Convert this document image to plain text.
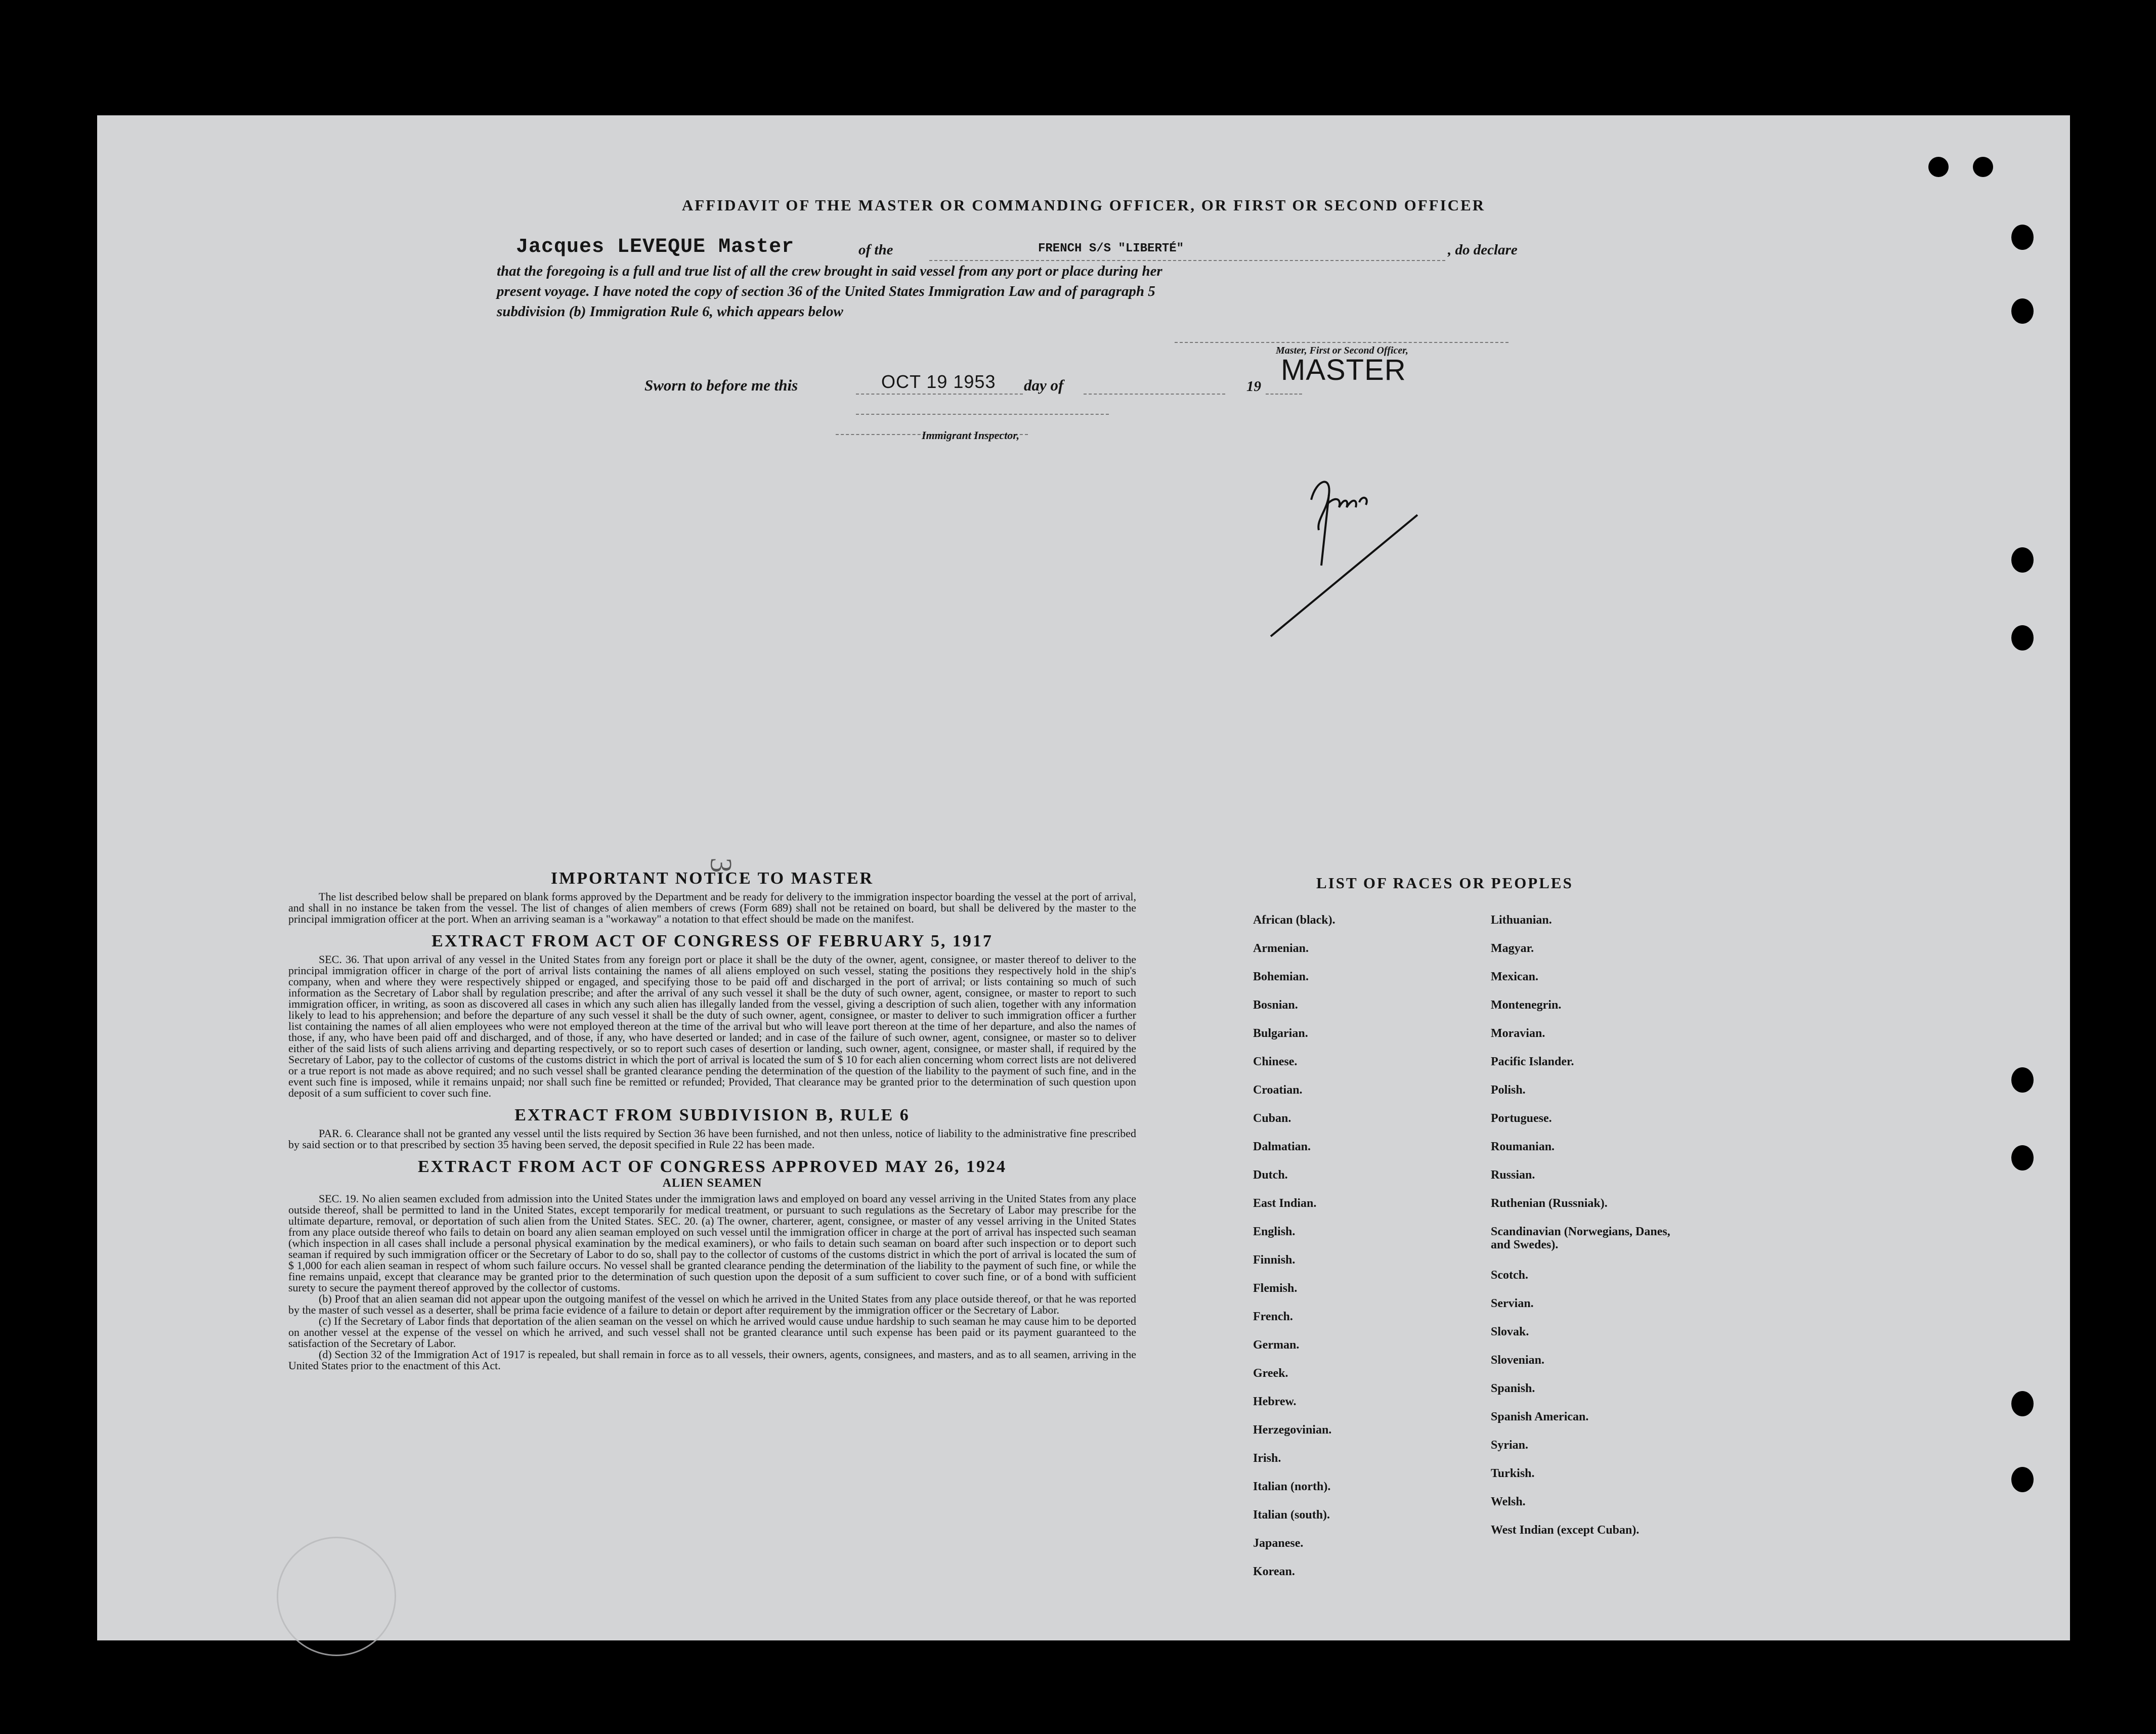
AFFIDAVIT OF THE MASTER OR COMMANDING OFFICER, OR FIRST OR SECOND OFFICER
Jacques LEVEQUE Master	of the	FRENCH S/S "LIBERTÉ"	, do declare
that the foregoing is a full and true list of all the crew brought in said vessel from any port or place during her
present voyage. I have noted the copy of section 36 of the United States Immigration Law and of paragraph 5
subdivision (b) Immigration Rule 6, which appears below
Master, First or Second Officer,
MASTER
Sworn to before me this	OCT 19 1953 day of	19
Immigrant Inspector,
3
IMPORTANT NOTICE TO MASTER

The list described below shall be prepared on blank forms approved by the Department and be ready for delivery to the immigration inspector boarding the vessel at the port of arrival, and shall in no instance be taken from the vessel. The list of changes of alien members of crews (Form 689) shall not be retained on board, but shall be delivered by the master to the principal immigration officer at the port. When an arriving seaman is a "workaway" a notation to that effect should be made on the manifest.

EXTRACT FROM ACT OF CONGRESS OF FEBRUARY 5, 1917

SEC. 36. That upon arrival of any vessel in the United States from any foreign port or place it shall be the duty of the owner, agent, consignee, or master thereof to deliver to the principal immigration officer in charge of the port of arrival lists containing the names of all aliens employed on such vessel, stating the positions they respectively hold in the ship's company, when and where they were respectively shipped or engaged, and specifying those to be paid off and discharged in the port of arrival; or lists containing so much of such information as the Secretary of Labor shall by regulation prescribe; and after the arrival of any such vessel it shall be the duty of such owner, agent, consignee, or master to report to such immigration officer, in writing, as soon as discovered all cases in which any such alien has illegally landed from the vessel, giving a description of such alien, together with any information likely to lead to his apprehension; and before the departure of any such vessel it shall be the duty of such owner, agent, consignee, or master to deliver to such immigration officer a further list containing the names of all alien employees who were not employed thereon at the time of the arrival but who will leave port thereon at the time of her departure, and also the names of those, if any, who have been paid off and discharged, and of those, if any, who have deserted or landed; and in case of the failure of such owner, agent, consignee, or master so to deliver either of the said lists of such aliens arriving and departing respectively, or so to report such cases of desertion or landing, such owner, agent, consignee, or master shall, if required by the Secretary of Labor, pay to the collector of customs of the customs district in which the port of arrival is located the sum of $ 10 for each alien concerning whom correct lists are not delivered or a true report is not made as above required; and no such vessel shall be granted clearance pending the determination of the question of the liability to the payment of such fine, and in the event such fine is imposed, while it remains unpaid; nor shall such fine be remitted or refunded; Provided, That clearance may be granted prior to the determination of such question upon deposit of a sum sufficient to cover such fine.

EXTRACT FROM SUBDIVISION B, RULE 6

PAR. 6. Clearance shall not be granted any vessel until the lists required by Section 36 have been furnished, and not then unless, notice of liability to the administrative fine prescribed by said section or to that prescribed by section 35 having been served, the deposit specified in Rule 22 has been made.

EXTRACT FROM ACT OF CONGRESS APPROVED MAY 26, 1924
ALIEN SEAMEN

SEC. 19. No alien seamen excluded from admission into the United States under the immigration laws and employed on board any vessel arriving in the United States from any place outside thereof, shall be permitted to land in the United States, except temporarily for medical treatment, or pursuant to such regulations as the Secretary of Labor may prescribe for the ultimate departure, removal, or deportation of such alien from the United States. SEC. 20. (a) The owner, charterer, agent, consignee, or master of any vessel arriving in the United States from any place outside thereof who fails to detain on board any alien seaman employed on such vessel until the immigration officer in charge at the port of arrival has inspected such seaman (which inspection in all cases shall include a personal physical examination by the medical examiners), or who fails to detain such seaman on board after such inspection or to deport such seaman if required by such immigration officer or the Secretary of Labor to do so, shall pay to the collector of customs of the customs district in which the port of arrival is located the sum of $ 1,000 for each alien seaman in respect of whom such failure occurs. No vessel shall be granted clearance pending the determination of the liability to the payment of such fine, or while the fine remains unpaid, except that clearance may be granted prior to the determination of such question upon the deposit of a sum sufficient to cover such fine, or of a bond with sufficient surety to secure the payment thereof approved by the collector of customs.

(b) Proof that an alien seaman did not appear upon the outgoing manifest of the vessel on which he arrived in the United States from any place outside thereof, or that he was reported by the master of such vessel as a deserter, shall be prima facie evidence of a failure to detain or deport after requirement by the immigration officer or the Secretary of Labor.

(c) If the Secretary of Labor finds that deportation of the alien seaman on the vessel on which he arrived would cause undue hardship to such seaman he may cause him to be deported on another vessel at the expense of the vessel on which he arrived, and such vessel shall not be granted clearance until such expense has been paid or its payment guaranteed to the satisfaction of the Secretary of Labor.

(d) Section 32 of the Immigration Act of 1917 is repealed, but shall remain in force as to all vessels, their owners, agents, consignees, and masters, and as to all seamen, arriving in the United States prior to the enactment of this Act.

LIST OF RACES OR PEOPLES
African (black).
Armenian.
Bohemian.
Bosnian.
Bulgarian.
Chinese.
Croatian.
Cuban.
Dalmatian.
Dutch.
East Indian.
English.
Finnish.
Flemish.
French.
German.
Greek.
Hebrew.
Herzegovinian.
Irish.
Italian (north).
Italian (south).
Japanese.
Korean.
Lithuanian.
Magyar.
Mexican.
Montenegrin.
Moravian.
Pacific Islander.
Polish.
Portuguese.
Roumanian.
Russian.
Ruthenian (Russniak).
Scandinavian (Norwegians, Danes, and Swedes).
Scotch.
Servian.
Slovak.
Slovenian.
Spanish.
Spanish American.
Syrian.
Turkish.
Welsh.
West Indian (except Cuban).
